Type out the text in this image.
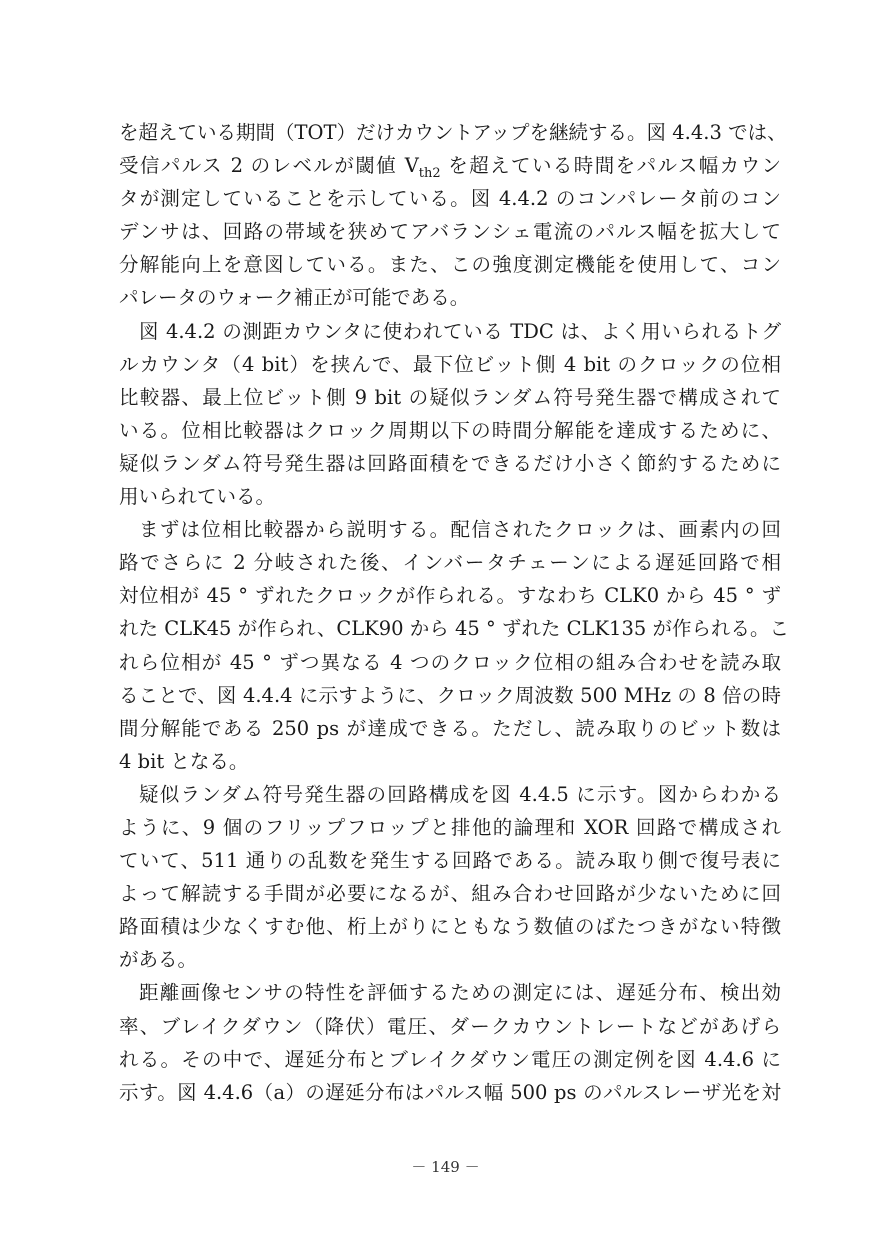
を超えている期間（TOT）だけカウントアップを継続する。図 4.4.3 では、
受信パルス 2 のレベルが閾値 $V_{th2}$ を超えている時間をパルス幅カウン
タが測定していることを示している。図 4.4.2 のコンパレータ前のコン
デンサは、回路の帯域を狭めてアバランシェ電流のパルス幅を拡大して
分解能向上を意図している。また、この強度測定機能を使用して、コン
パレータのウォーク補正が可能である。
図 4.4.2 の測距カウンタに使われている TDC は、よく用いられるトグ
ルカウンタ（4 bit）を挟んで、最下位ビット側 4 bit のクロックの位相
比較器、最上位ビット側 9 bit の疑似ランダム符号発生器で構成されて
いる。位相比較器はクロック周期以下の時間分解能を達成するために、
疑似ランダム符号発生器は回路面積をできるだけ小さく節約するために
用いられている。
まずは位相比較器から説明する。配信されたクロックは、画素内の回
路でさらに 2 分岐された後、インバータチェーンによる遅延回路で相
対位相が 45 ° ずれたクロックが作られる。すなわち CLK0 から 45 ° ず
れた CLK45 が作られ、CLK90 から 45 ° ずれた CLK135 が作られる。こ
れら位相が 45 ° ずつ異なる 4 つのクロック位相の組み合わせを読み取
ることで、図 4.4.4 に示すように、クロック周波数 500 MHz の 8 倍の時
間分解能である 250 ps が達成できる。ただし、読み取りのビット数は
4 bit となる。
疑似ランダム符号発生器の回路構成を図 4.4.5 に示す。図からわかる
ように、9 個のフリップフロップと排他的論理和 XOR 回路で構成され
ていて、511 通りの乱数を発生する回路である。読み取り側で復号表に
よって解読する手間が必要になるが、組み合わせ回路が少ないために回
路面積は少なくすむ他、桁上がりにともなう数値のばたつきがない特徴
がある。
距離画像センサの特性を評価するための測定には、遅延分布、検出効
率、ブレイクダウン（降伏）電圧、ダークカウントレートなどがあげら
れる。その中で、遅延分布とブレイクダウン電圧の測定例を図 4.4.6 に
示す。図 4.4.6（a）の遅延分布はパルス幅 500 ps のパルスレーザ光を対
－ 149 －
